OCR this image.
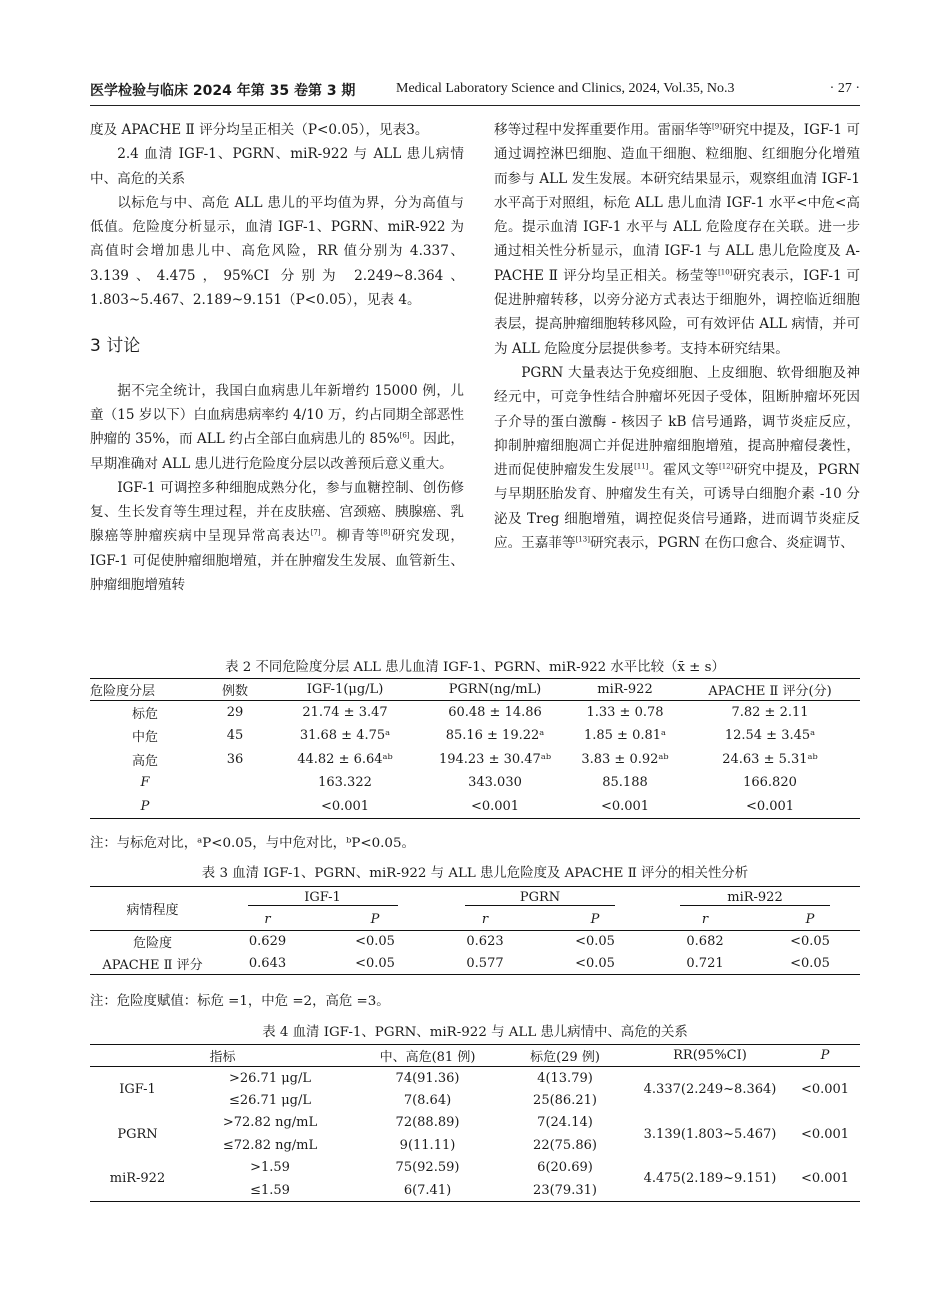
医学检验与临床 2024 年第 35 卷第 3 期	Medical Laboratory Science and Clinics, 2024, Vol.35, No.3	· 27 ·

度及 APACHE Ⅱ 评分均呈正相关（P<0.05），见表3。

2.4 血清 IGF-1、PGRN、miR-922 与 ALL 患儿病情中、高危的关系

以标危与中、高危 ALL 患儿的平均值为界，分为高值与低值。危险度分析显示，血清 IGF-1、PGRN、miR-922 为高值时会增加患儿中、高危风险，RR 值分别为 4.337、3.139、4.475，95%CI 分别为 2.249~8.364、1.803~5.467、2.189~9.151（P<0.05），见表 4。

3 讨论

据不完全统计，我国白血病患儿年新增约 15000 例，儿童（15 岁以下）白血病患病率约 4/10 万，约占同期全部恶性肿瘤的 35%，而 ALL 约占全部白血病患儿的 85%[6]。因此，早期准确对 ALL 患儿进行危险度分层以改善预后意义重大。

IGF-1 可调控多种细胞成熟分化，参与血糖控制、创伤修复、生长发育等生理过程，并在皮肤癌、宫颈癌、胰腺癌、乳腺癌等肿瘤疾病中呈现异常高表达[7]。柳青等[8]研究发现，IGF-1 可促使肿瘤细胞增殖，并在肿瘤发生发展、血管新生、肿瘤细胞增殖转

移等过程中发挥重要作用。雷丽华等[9]研究中提及，IGF-1 可通过调控淋巴细胞、造血干细胞、粒细胞、红细胞分化增殖而参与 ALL 发生发展。本研究结果显示，观察组血清 IGF-1 水平高于对照组，标危 ALL 患儿血清 IGF-1 水平<中危<高危。提示血清 IGF-1 水平与 ALL 危险度存在关联。进一步通过相关性分析显示，血清 IGF-1 与 ALL 患儿危险度及 A-PACHE Ⅱ 评分均呈正相关。杨莹等[10]研究表示，IGF-1 可促进肿瘤转移，以旁分泌方式表达于细胞外，调控临近细胞表层，提高肿瘤细胞转移风险，可有效评估 ALL 病情，并可为 ALL 危险度分层提供参考。支持本研究结果。

PGRN 大量表达于免疫细胞、上皮细胞、软骨细胞及神经元中，可竞争性结合肿瘤坏死因子受体，阻断肿瘤坏死因子介导的蛋白激酶 - 核因子 kB 信号通路，调节炎症反应，抑制肿瘤细胞凋亡并促进肿瘤细胞增殖，提高肿瘤侵袭性，进而促使肿瘤发生发展[11]。霍风文等[12]研究中提及，PGRN 与早期胚胎发育、肿瘤发生有关，可诱导白细胞介素 -10 分泌及 Treg 细胞增殖，调控促炎信号通路，进而调节炎症反应。王嘉菲等[13]研究表示，PGRN 在伤口愈合、炎症调节、

表 2 不同危险度分层 ALL 患儿血清 IGF-1、PGRN、miR-922 水平比较（x̄ ± s）
危险度分层	例数	IGF-1(μg/L)	PGRN(ng/mL)	miR-922	APACHE Ⅱ 评分(分)
标危	29	21.74 ± 3.47	60.48 ± 14.86	1.33 ± 0.78	7.82 ± 2.11
中危	45	31.68 ± 4.75ᵃ	85.16 ± 19.22ᵃ	1.85 ± 0.81ᵃ	12.54 ± 3.45ᵃ
高危	36	44.82 ± 6.64ᵃᵇ	194.23 ± 30.47ᵃᵇ	3.83 ± 0.92ᵃᵇ	24.63 ± 5.31ᵃᵇ
F		163.322	343.030	85.188	166.820
P		<0.001	<0.001	<0.001	<0.001
注：与标危对比，ᵃP<0.05，与中危对比，ᵇP<0.05。
表 3 血清 IGF-1、PGRN、miR-922 与 ALL 患儿危险度及 APACHE Ⅱ 评分的相关性分析
病情程度	IGF-1		PGRN		miR-922	
	r	P	r	P	r	P
危险度	0.629	<0.05	0.623	<0.05	0.682	<0.05
APACHE Ⅱ 评分	0.643	<0.05	0.577	<0.05	0.721	<0.05
注：危险度赋值：标危 =1，中危 =2，高危 =3。
表 4 血清 IGF-1、PGRN、miR-922 与 ALL 患儿病情中、高危的关系
指标		中、高危(81 例)	标危(29 例)	RR(95%CI)	P
IGF-1	>26.71 μg/L	74(91.36)	4(13.79)	4.337(2.249~8.364)	<0.001
	≤26.71 μg/L	7(8.64)	25(86.21)		
PGRN	>72.82 ng/mL	72(88.89)	7(24.14)	3.139(1.803~5.467)	<0.001
	≤72.82 ng/mL	9(11.11)	22(75.86)		
miR-922	>1.59	75(92.59)	6(20.69)	4.475(2.189~9.151)	<0.001
	≤1.59	6(7.41)	23(79.31)		
